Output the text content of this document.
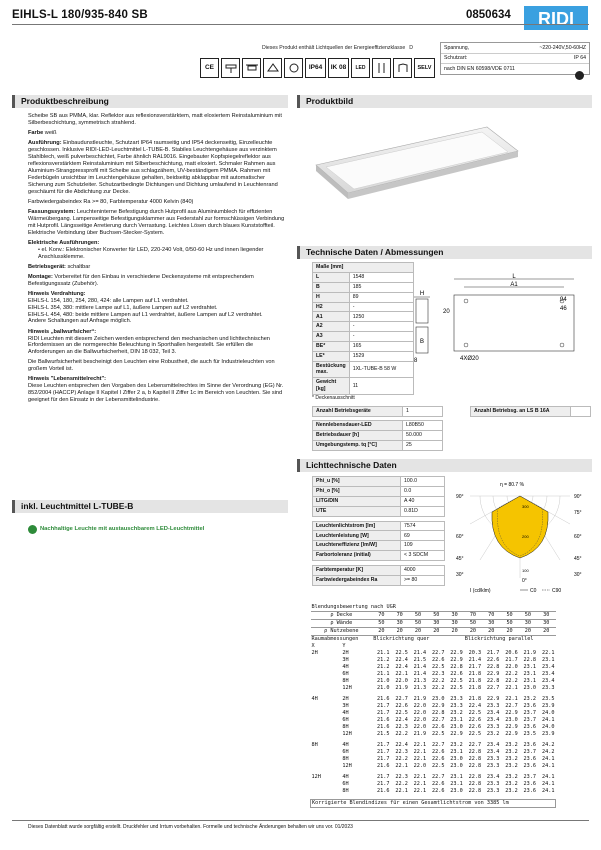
EIHLS-L 180/935-840 SB	0850634 RIDI
Dieses Produkt enthält Lichtquellen der Energieeffizienzklasse D
CE	IP64	IK 08	LED	SELV
Spannung,	~220-240V,50-60HZ
Schutzart:	IP 64
nach DIN EN 60598/VDE 0711
Produktbeschreibung	Produktbild

Scheibe SB aus PMMA, klar. Reflektor aus reflexionsverstärktem, matt eloxiertem Reinstaluminium mit Silberbeschichtung, symmetrisch strahlend.

Farbe weiß

Ausführung: Einbaudunstleuchte, Schutzart IP64 raumseitig und IP54 deckenseitig, Einzelleuchte geschlossen. Inklusive RIDI-LED-Leuchtmittel L-TUBE-B. Stabiles Leuchtengehäuse aus verzinktem Stahlblech, weiß pulverbeschichtet, Farbe ähnlich RAL9016. Eingebauter Kopfspiegelreflektor aus reflexionsverstärktem Reinstaluminium mit Silberbeschichtung, matt eloxiert. Schmaler Rahmen aus Aluminium-Strangpressprofil mit Scheibe aus schlagzähem, UV-beständigem PMMA. Rahmen mit Federbügeln unsichtbar im Leuchtengehäuse gehalten, beidseitig abklappbar mit automatischer Sicherung zum Schutzleiter. Schutzartbedingte Dichtungen und Dichtung umlaufend in Leuchtenrand geschäumt für die Abdichtung zur Decke.

Farbwiedergabeindex Ra >= 80, Farbtemperatur 4000 Kelvin (840)

Fassungssystem: Leuchteninterne Befestigung durch Hutprofil aus Aluminiumblech für effizienten Wärmeübergang. Lampenseitige Befestigungsklammer aus Federstahl zur formschlüssigen Verbindung mit Hutprofil. Längsseitige Arretierung durch Verrastung. Leichtes Lösen durch blaues Kunststoffteil. Elektrische Verbindung über Buchsen-Stecker-System.

Elektrische Ausführungen:

• el. Konv.: Elektronischer Konverter für LED, 220-240 Volt, 0/50-60 Hz und innen liegender Anschlussklemme.

Betriebsgerät: schaltbar

Montage: Vorbereitet für den Einbau in verschiedene Deckensysteme mit entsprechendem Befestigungssatz (Zubehör).

Hinweis Verdrahtung:

EIHLS-L 154, 180, 254, 280, 424: alle Lampen auf L1 verdrahtet.

EIHLS-L 354, 380: mittlere Lampe auf L1, äußere Lampen auf L2 verdrahtet.

EIHLS-L 454, 480: beide mittlere Lampen auf L1 verdrahtet, äußere Lampen auf L2 verdrahtet.

Andere Schaltungen auf Anfrage möglich.

Hinweis „ballwurfsicher“:

RIDI Leuchten mit diesem Zeichen werden entsprechend den mechanischen und lichttechnischen Erfordernissen an die normgerechte Beleuchtung in Sporthallen hergestellt. Sie erfüllen die Anforderungen an die Ballwurfsicherheit, DIN 18 032, Teil 3.

Die Ballwurfsicherheit bescheinigt den Leuchten eine Robustheit, die auch für Industrieleuchten von großem Vorteil ist.

Hinweis "Lebensmittelrecht":

Diese Leuchten entsprechen den Vorgaben des Lebensmittelrechtes im Sinne der Verordnung (EG) Nr. 852/2004 (HACCP) Anlage II Kapitel I Ziffer 2 a, b Kapitel II Ziffer 1c im Bereich von Leuchten. Sie sind geeignet für den Einsatz in der Lebensmittelindustrie.

inkl. Leuchtmittel L-TUBE-B
Nachhaltige Leuchte mit austauschbarem LED-Leuchtmittel
Technische Daten / Abmessungen
Maße [mm]	
L	1548
B	185
H	89
H2	-
A1	1250
A2	-
A3	-
BE*	165
LE*	1529
Bestückung max.	1XL-TUBE-B 58 W
Gewicht [kg]	11
* Deckenausschnitt
H
B
8
L
A1
94
46
20
4XØ20
Anzahl Betriebsgeräte	1	Anzahl Betriebsg. an LS B 16A	
Nennlebensdauer-LED	L80B50
Betriebsdauer [h]	50.000
Umgebungstemp. tq [°C]	25
Lichttechnische Daten
Phi_u [%]	100.0
Phi_o [%]	0.0
LITG/DIN	A 40
UTE	0.81D

Leuchtenlichtstrom [lm]	7574
Leuchtenleistung [W]	69
Leuchteneffizienz [lm/W]	109
Farbortoleranz (initial)	< 3 SDCM

Farbtemperatur [K]	4000
Farbwiedergabeindex Ra	>= 80
η = 80.7 %
90°	90°
75°
60°
45°
30°
45°
60°
30°
0°
100
200
300
I (cd/klm)	C0	C90
Blendungsbewertung nach UGR											
ρ Decke		70	70	50	50	30	70	70	50	50	30
ρ Wände		50	30	50	30	30	50	30	50	30	30
ρ Nutzebene		20	20	20	20	20	20	20	20	20	20
Raumabmessungen		Blickrichtung quer					Blickrichtung parallel				
X	Y										
2H	2H	21.1	22.5	21.4	22.7	22.9	20.3	21.7	20.6	21.9	22.1
	3H	21.2	22.4	21.5	22.6	22.9	21.4	22.6	21.7	22.8	23.1
	4H	21.2	22.4	21.4	22.5	22.8	21.7	22.8	22.0	23.1	23.4
	6H	21.1	22.1	21.4	22.3	22.6	21.8	22.9	22.2	23.1	23.4
	8H	21.0	22.0	21.3	22.2	22.5	21.8	22.8	22.2	23.1	23.4
	12H	21.0	21.9	21.3	22.2	22.5	21.8	22.7	22.1	23.0	23.3

4H	2H	21.6	22.7	21.9	23.0	23.3	21.8	22.9	22.1	23.2	23.5
	3H	21.7	22.6	22.0	22.9	23.3	22.4	23.3	22.7	23.6	23.9
	4H	21.7	22.5	22.0	22.8	23.2	22.5	23.4	22.9	23.7	24.0
	6H	21.6	22.4	22.0	22.7	23.1	22.6	23.4	23.0	23.7	24.1
	8H	21.6	22.3	22.0	22.6	23.0	22.6	23.3	22.9	23.6	24.0
	12H	21.5	22.2	21.9	22.5	22.9	22.5	23.2	22.9	23.5	23.9

8H	4H	21.7	22.4	22.1	22.7	23.2	22.7	23.4	23.2	23.6	24.2
	6H	21.7	22.3	22.1	22.6	23.1	22.8	23.4	23.2	23.7	24.2
	8H	21.7	22.2	22.1	22.6	23.0	22.8	23.3	23.2	23.6	24.1
	12H	21.6	22.1	22.0	22.5	23.0	22.8	23.3	23.2	23.6	24.1

12H	4H	21.7	22.3	22.1	22.7	23.1	22.8	23.4	23.2	23.7	24.1
	6H	21.7	22.2	22.1	22.6	23.1	22.8	23.3	23.2	23.6	24.1
	8H	21.6	22.1	22.1	22.6	23.0	22.8	23.3	23.2	23.6	24.1

Korrigierte Blendindizes für einen Gesamtlichtstrom von 3385 lm											
Dieses Datenblatt wurde sorgfältig erstellt. Druckfehler und Irrtum vorbehalten. Formelle und technische Änderungen behalten wir uns vor. 01/2023
